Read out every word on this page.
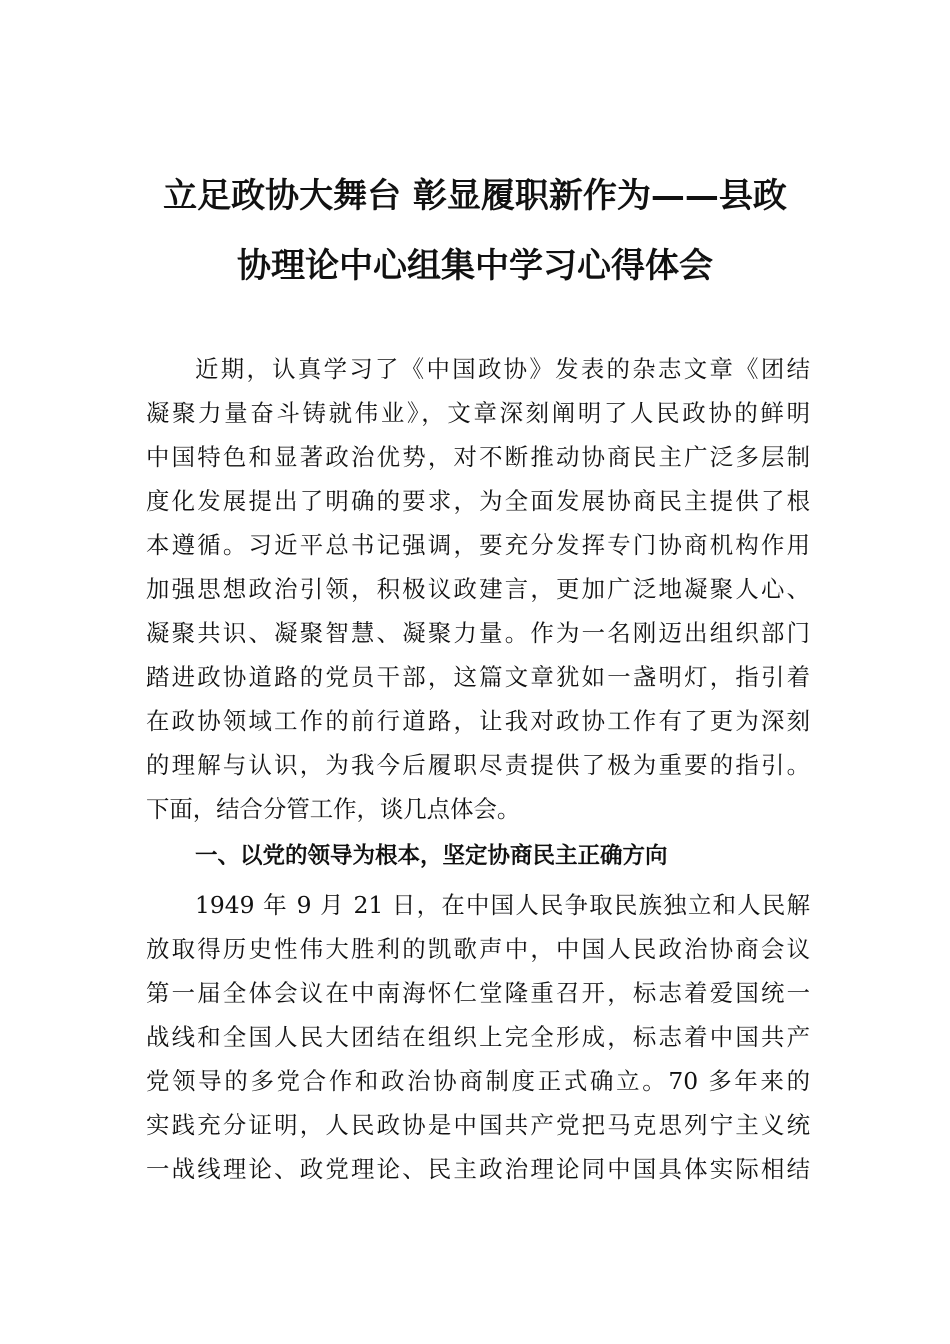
立足政协大舞台 彰显履职新作为——县政
协理论中心组集中学习心得体会
近期，认真学习了《中国政协》发表的杂志文章《团结
凝聚力量奋斗铸就伟业》，文章深刻阐明了人民政协的鲜明
中国特色和显著政治优势，对不断推动协商民主广泛多层制
度化发展提出了明确的要求，为全面发展协商民主提供了根
本遵循。习近平总书记强调，要充分发挥专门协商机构作用
加强思想政治引领，积极议政建言，更加广泛地凝聚人心、
凝聚共识、凝聚智慧、凝聚力量。作为一名刚迈出组织部门
踏进政协道路的党员干部，这篇文章犹如一盏明灯，指引着
在政协领域工作的前行道路，让我对政协工作有了更为深刻
的理解与认识，为我今后履职尽责提供了极为重要的指引。
下面，结合分管工作，谈几点体会。
一、以党的领导为根本，坚定协商民主正确方向
1949 年 9 月 21 日，在中国人民争取民族独立和人民解
放取得历史性伟大胜利的凯歌声中，中国人民政治协商会议
第一届全体会议在中南海怀仁堂隆重召开，标志着爱国统一
战线和全国人民大团结在组织上完全形成，标志着中国共产
党领导的多党合作和政治协商制度正式确立。70 多年来的
实践充分证明，人民政协是中国共产党把马克思列宁主义统
一战线理论、政党理论、民主政治理论同中国具体实际相结
